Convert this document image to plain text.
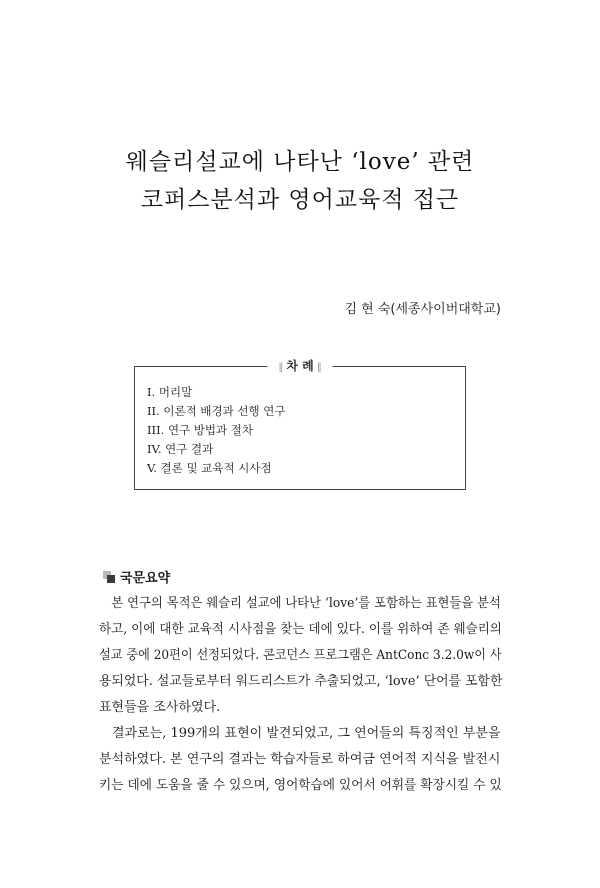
웨슬리설교에 나타난 ‘love’ 관련
코퍼스분석과 영어교육적 접근
김 현 숙(세종사이버대학교)
‖ 차 례 ‖
I. 머리말
II. 이론적 배경과 선행 연구
III. 연구 방법과 절차
IV. 연구 결과
V. 결론 및 교육적 시사점
국문요약
본 연구의 목적은 웨슬리 설교에 나타난 ‘love’를 포함하는 표현들을 분석
하고, 이에 대한 교육적 시사점을 찾는 데에 있다. 이를 위하여 존 웨슬리의
설교 중에 20편이 선정되었다. 콘코던스 프로그램은 AntConc 3.2.0w이 사
용되었다. 설교들로부터 워드리스트가 추출되었고, ‘love’ 단어를 포함한
표현들을 조사하였다.
결과로는, 199개의 표현이 발견되었고, 그 연어들의 특징적인 부분을
분석하였다. 본 연구의 결과는 학습자들로 하여금 연어적 지식을 발전시
키는 데에 도움을 줄 수 있으며, 영어학습에 있어서 어휘를 확장시킬 수 있
